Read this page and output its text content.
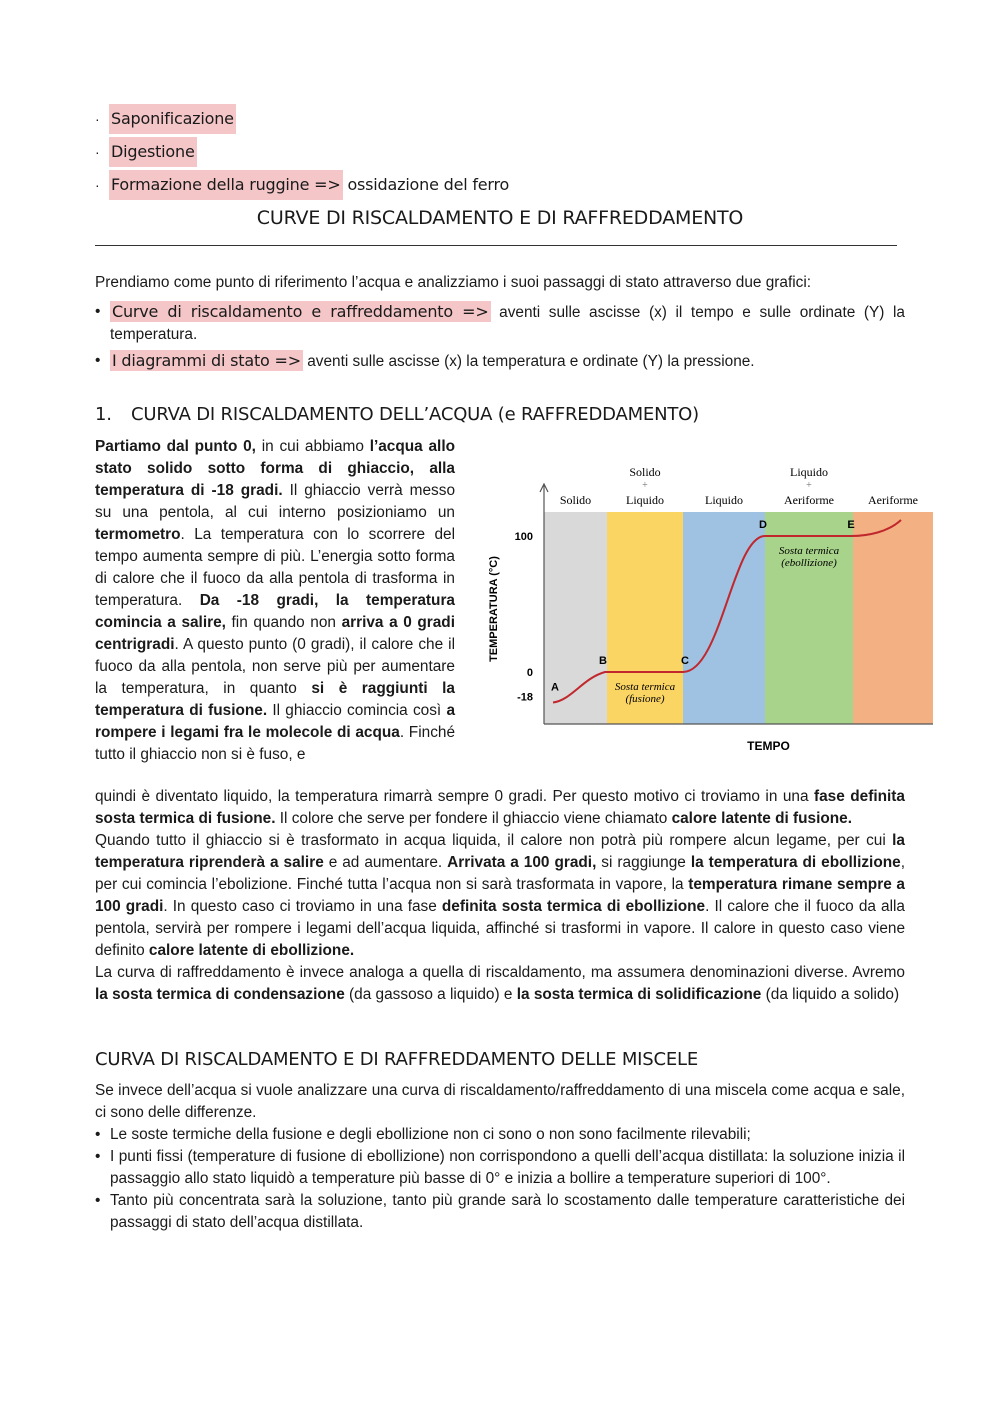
· Saponificazione
· Digestione
· Formazione della ruggine => ossidazione del ferro
CURVE DI RISCALDAMENTO E DI RAFFREDDAMENTO
Prendiamo come punto di riferimento l’acqua e analizziamo i suoi passaggi di stato attraverso due grafici:
• Curve di riscaldamento e raffreddamento => aventi sulle ascisse (x) il tempo e sulle ordinate (Y) la temperatura.
• I diagrammi di stato => aventi sulle ascisse (x) la temperatura e ordinate (Y) la pressione.
1. CURVA DI RISCALDAMENTO DELL’ACQUA (e RAFFREDDAMENTO)
Partiamo dal punto 0, in cui abbiamo l’acqua allo stato solido sotto forma di ghiaccio, alla temperatura di -18 gradi. Il ghiaccio verrà messo su una pentola, al cui interno posizioniamo un termometro. La temperatura con lo scorrere del tempo aumenta sempre di più. L’energia sotto forma di calore che il fuoco da alla pentola di trasforma in temperatura. Da -18 gradi, la temperatura comincia a salire, fin quando non arriva a 0 gradi centrigradi. A questo punto (0 gradi), il calore che il fuoco da alla pentola, non serve più per aumentare la temperatura, in quanto si è raggiunti la temperatura di fusione. Il ghiaccio comincia così a rompere i legami fra le molecole di acqua. Finché tutto il ghiaccio non si è fuso, e
Solido
Solido
+
Liquido	Liquido
Liquido
+
Aeriforme	Aeriforme
100
0
-18
TEMPERATURA (°C)
TEMPO
A
B	C
D	E
Sosta termica
(fusione)
Sosta termica
(ebollizione)

quindi è diventato liquido, la temperatura rimarrà sempre 0 gradi. Per questo motivo ci troviamo in una fase definita sosta termica di fusione. Il colore che serve per fondere il ghiaccio viene chiamato calore latente di fusione.

Quando tutto il ghiaccio si è trasformato in acqua liquida, il calore non potrà più rompere alcun legame, per cui la temperatura riprenderà a salire e ad aumentare. Arrivata a 100 gradi, si raggiunge la temperatura di ebollizione, per cui comincia l’ebolizione. Finché tutta l’acqua non si sarà trasformata in vapore, la temperatura rimane sempre a 100 gradi. In questo caso ci troviamo in una fase definita sosta termica di ebollizione. Il calore che il fuoco da alla pentola, servirà per rompere i legami dell’acqua liquida, affinché si trasformi in vapore. Il calore in questo caso viene definito calore latente di ebollizione.

La curva di raffreddamento è invece analoga a quella di riscaldamento, ma assumera denominazioni diverse. Avremo la sosta termica di condensazione (da gassoso a liquido) e la sosta termica di solidificazione (da liquido a solido)

CURVA DI RISCALDAMENTO E DI RAFFREDDAMENTO DELLE MISCELE
Se invece dell’acqua si vuole analizzare una curva di riscaldamento/raffreddamento di una miscela come acqua e sale, ci sono delle differenze.
• Le soste termiche della fusione e degli ebollizione non ci sono o non sono facilmente rilevabili;
• I punti fissi (temperature di fusione di ebollizione) non corrispondono a quelli dell’acqua distillata: la soluzione inizia il passaggio allo stato liquidò a temperature più basse di 0° e inizia a bollire a temperature superiori di 100°.
• Tanto più concentrata sarà la soluzione, tanto più grande sarà lo scostamento dalle temperature caratteristiche dei passaggi di stato dell’acqua distillata.
